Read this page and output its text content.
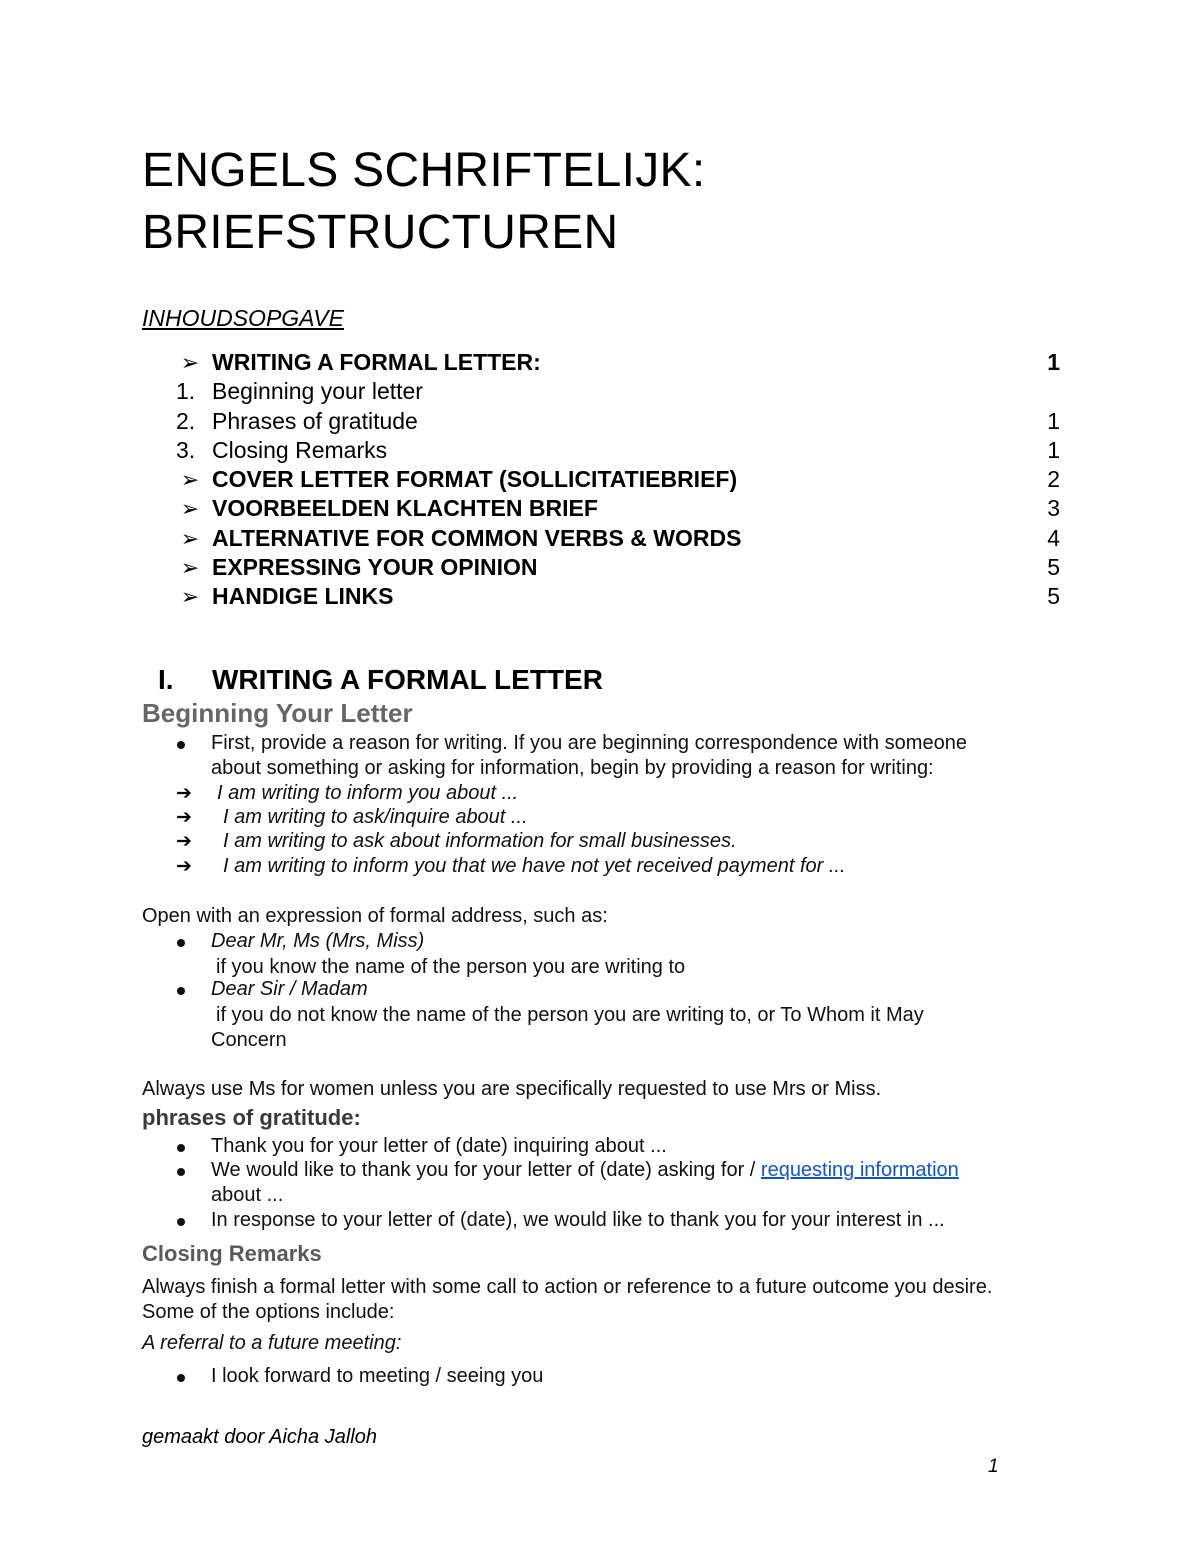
ENGELS SCHRIFTELIJK:
BRIEFSTRUCTUREN
INHOUDSOPGAVE
➢ WRITING A FORMAL LETTER:	1
1. Beginning your letter
2. Phrases of gratitude	1
3. Closing Remarks	1
➢ COVER LETTER FORMAT (SOLLICITATIEBRIEF)	2
➢ VOORBEELDEN KLACHTEN BRIEF	3
➢ ALTERNATIVE FOR COMMON VERBS & WORDS	4
➢ EXPRESSING YOUR OPINION	5
➢ HANDIGE LINKS	5
I. WRITING A FORMAL LETTER
Beginning Your Letter
First, provide a reason for writing. If you are beginning correspondence with someone
about something or asking for information, begin by providing a reason for writing:
➔ I am writing to inform you about ...
➔ I am writing to ask/inquire about ...
➔ I am writing to ask about information for small businesses.
➔ I am writing to inform you that we have not yet received payment for ...
Open with an expression of formal address, such as:
Dear Mr, Ms (Mrs, Miss)
if you know the name of the person you are writing to
Dear Sir / Madam
if you do not know the name of the person you are writing to, or To Whom it May
Concern
Always use Ms for women unless you are specifically requested to use Mrs or Miss.
phrases of gratitude:
Thank you for your letter of (date) inquiring about ...
We would like to thank you for your letter of (date) asking for / requesting information
about ...
In response to your letter of (date), we would like to thank you for your interest in ...
Closing Remarks
Always finish a formal letter with some call to action or reference to a future outcome you desire.
Some of the options include:
A referral to a future meeting:
I look forward to meeting / seeing you
gemaakt door Aicha Jalloh
1
